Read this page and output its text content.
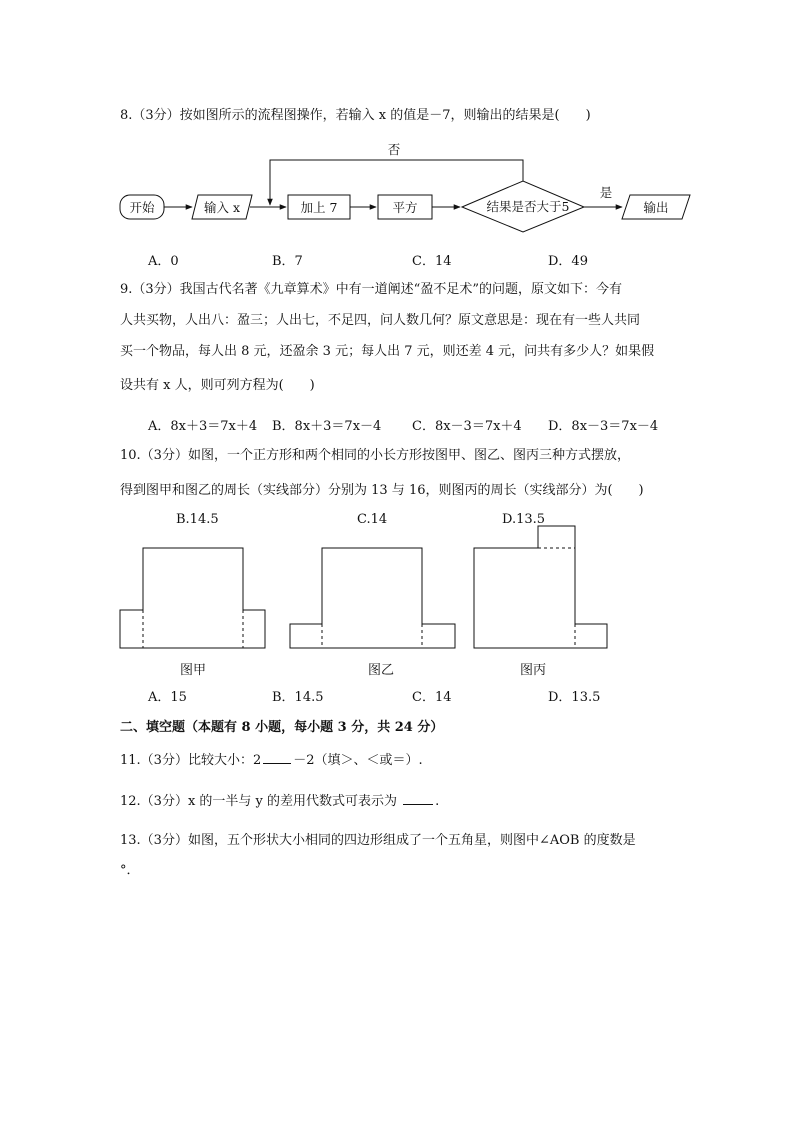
8.（3分）按如图所示的流程图操作，若输入 x 的值是－7，则输出的结果是(　　)
开始	输入 x	加上 7	平方	结果是否大于5
是
输出
否
A．0	B．7	C．14	D．49
9.（3分）我国古代名著《九章算术》中有一道阐述“盈不足术”的问题，原文如下：今有
人共买物，人出八：盈三；人出七，不足四，问人数几何？原文意思是：现在有一些人共同
买一个物品，每人出 8 元，还盈余 3 元；每人出 7 元，则还差 4 元，问共有多少人？如果假
设共有 x 人，则可列方程为(　　)
A．8x＋3＝7x＋4 B．8x＋3＝7x－4 C．8x－3＝7x＋4 D．8x－3＝7x－4
10.（3分）如图，一个正方形和两个相同的小长方形按图甲、图乙、图丙三种方式摆放，
得到图甲和图乙的周长（实线部分）分别为 13 与 16，则图丙的周长（实线部分）为(　　)
B.14.5	C.14	D.13.5
图甲	图乙	图丙
A．15	B．14.5	C．14	D．13.5
二、填空题（本题有 8 小题，每小题 3 分，共 24 分）
11.（3分）比较大小：2 －2（填＞、＜或＝）.
12.（3分）x 的一半与 y 的差用代数式可表示为	.
13.（3分）如图，五个形状大小相同的四边形组成了一个五角星，则图中∠AOB 的度数是
°．
